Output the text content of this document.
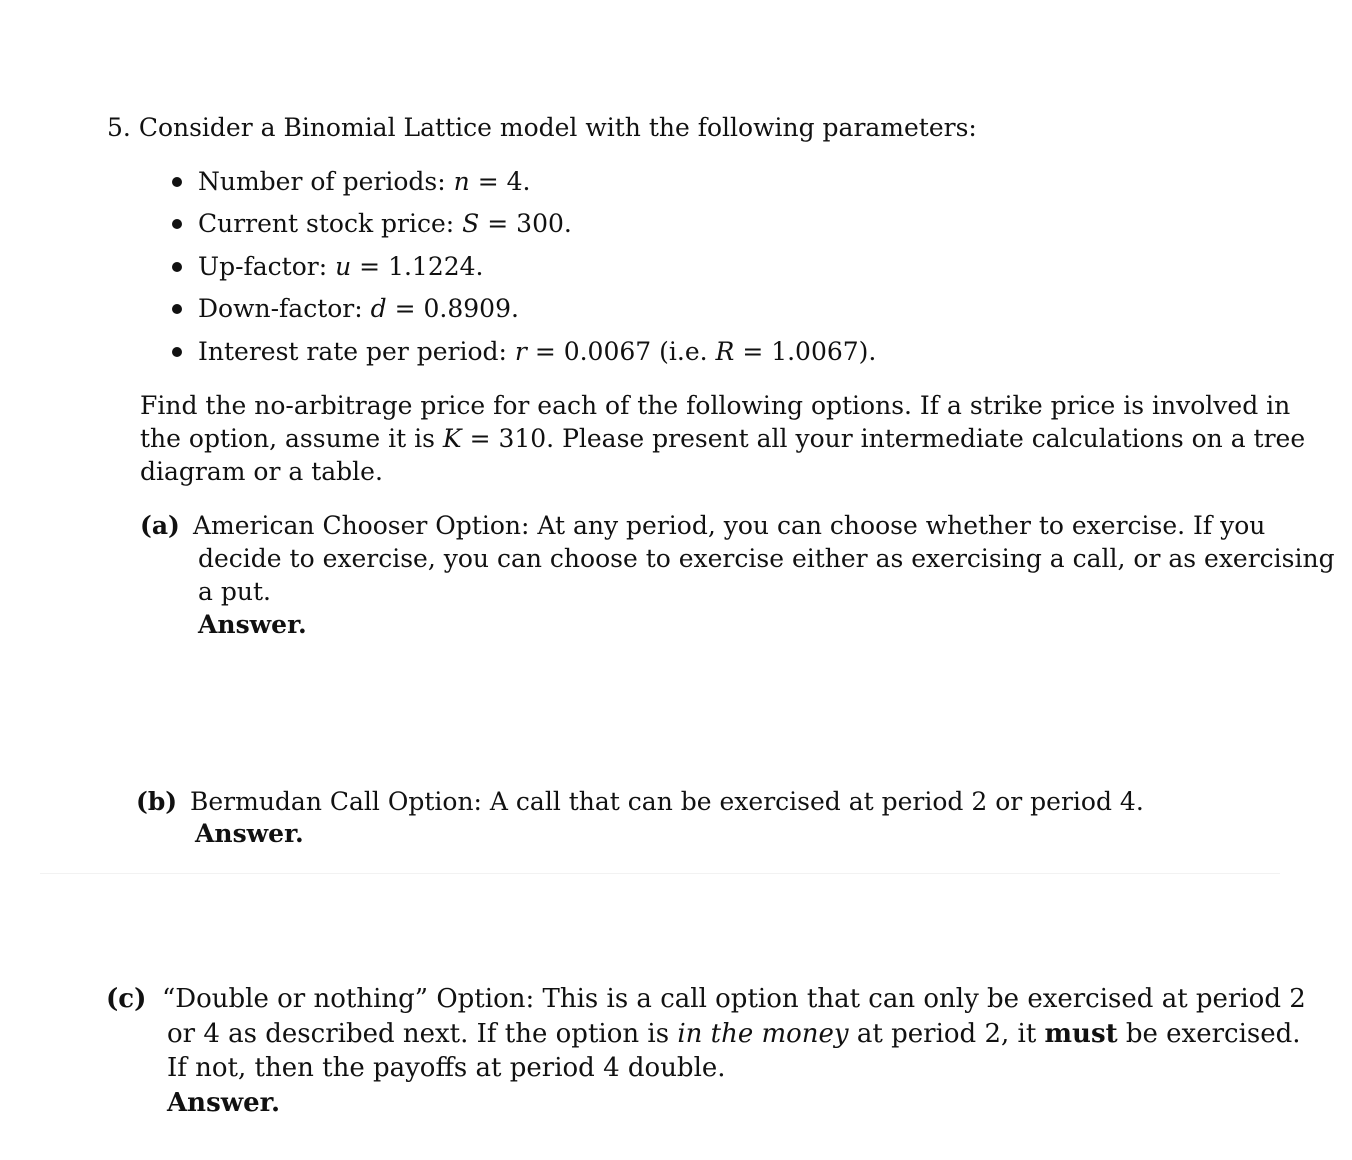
5. Consider a Binomial Lattice model with the following parameters:
Number of periods: n = 4.
Current stock price: S = 300.
Up-factor: u = 1.1224.
Down-factor: d = 0.8909.
Interest rate per period: r = 0.0067 (i.e. R = 1.0067).
Find the no-arbitrage price for each of the following options. If a strike price is involved in
the option, assume it is K = 310. Please present all your intermediate calculations on a tree
diagram or a table.
(a) American Chooser Option: At any period, you can choose whether to exercise. If you
decide to exercise, you can choose to exercise either as exercising a call, or as exercising
a put.
Answer.
(b) Bermudan Call Option: A call that can be exercised at period 2 or period 4.
Answer.
(c) “Double or nothing” Option: This is a call option that can only be exercised at period 2
or 4 as described next. If the option is in the money at period 2, it must be exercised.
If not, then the payoffs at period 4 double.
Answer.
